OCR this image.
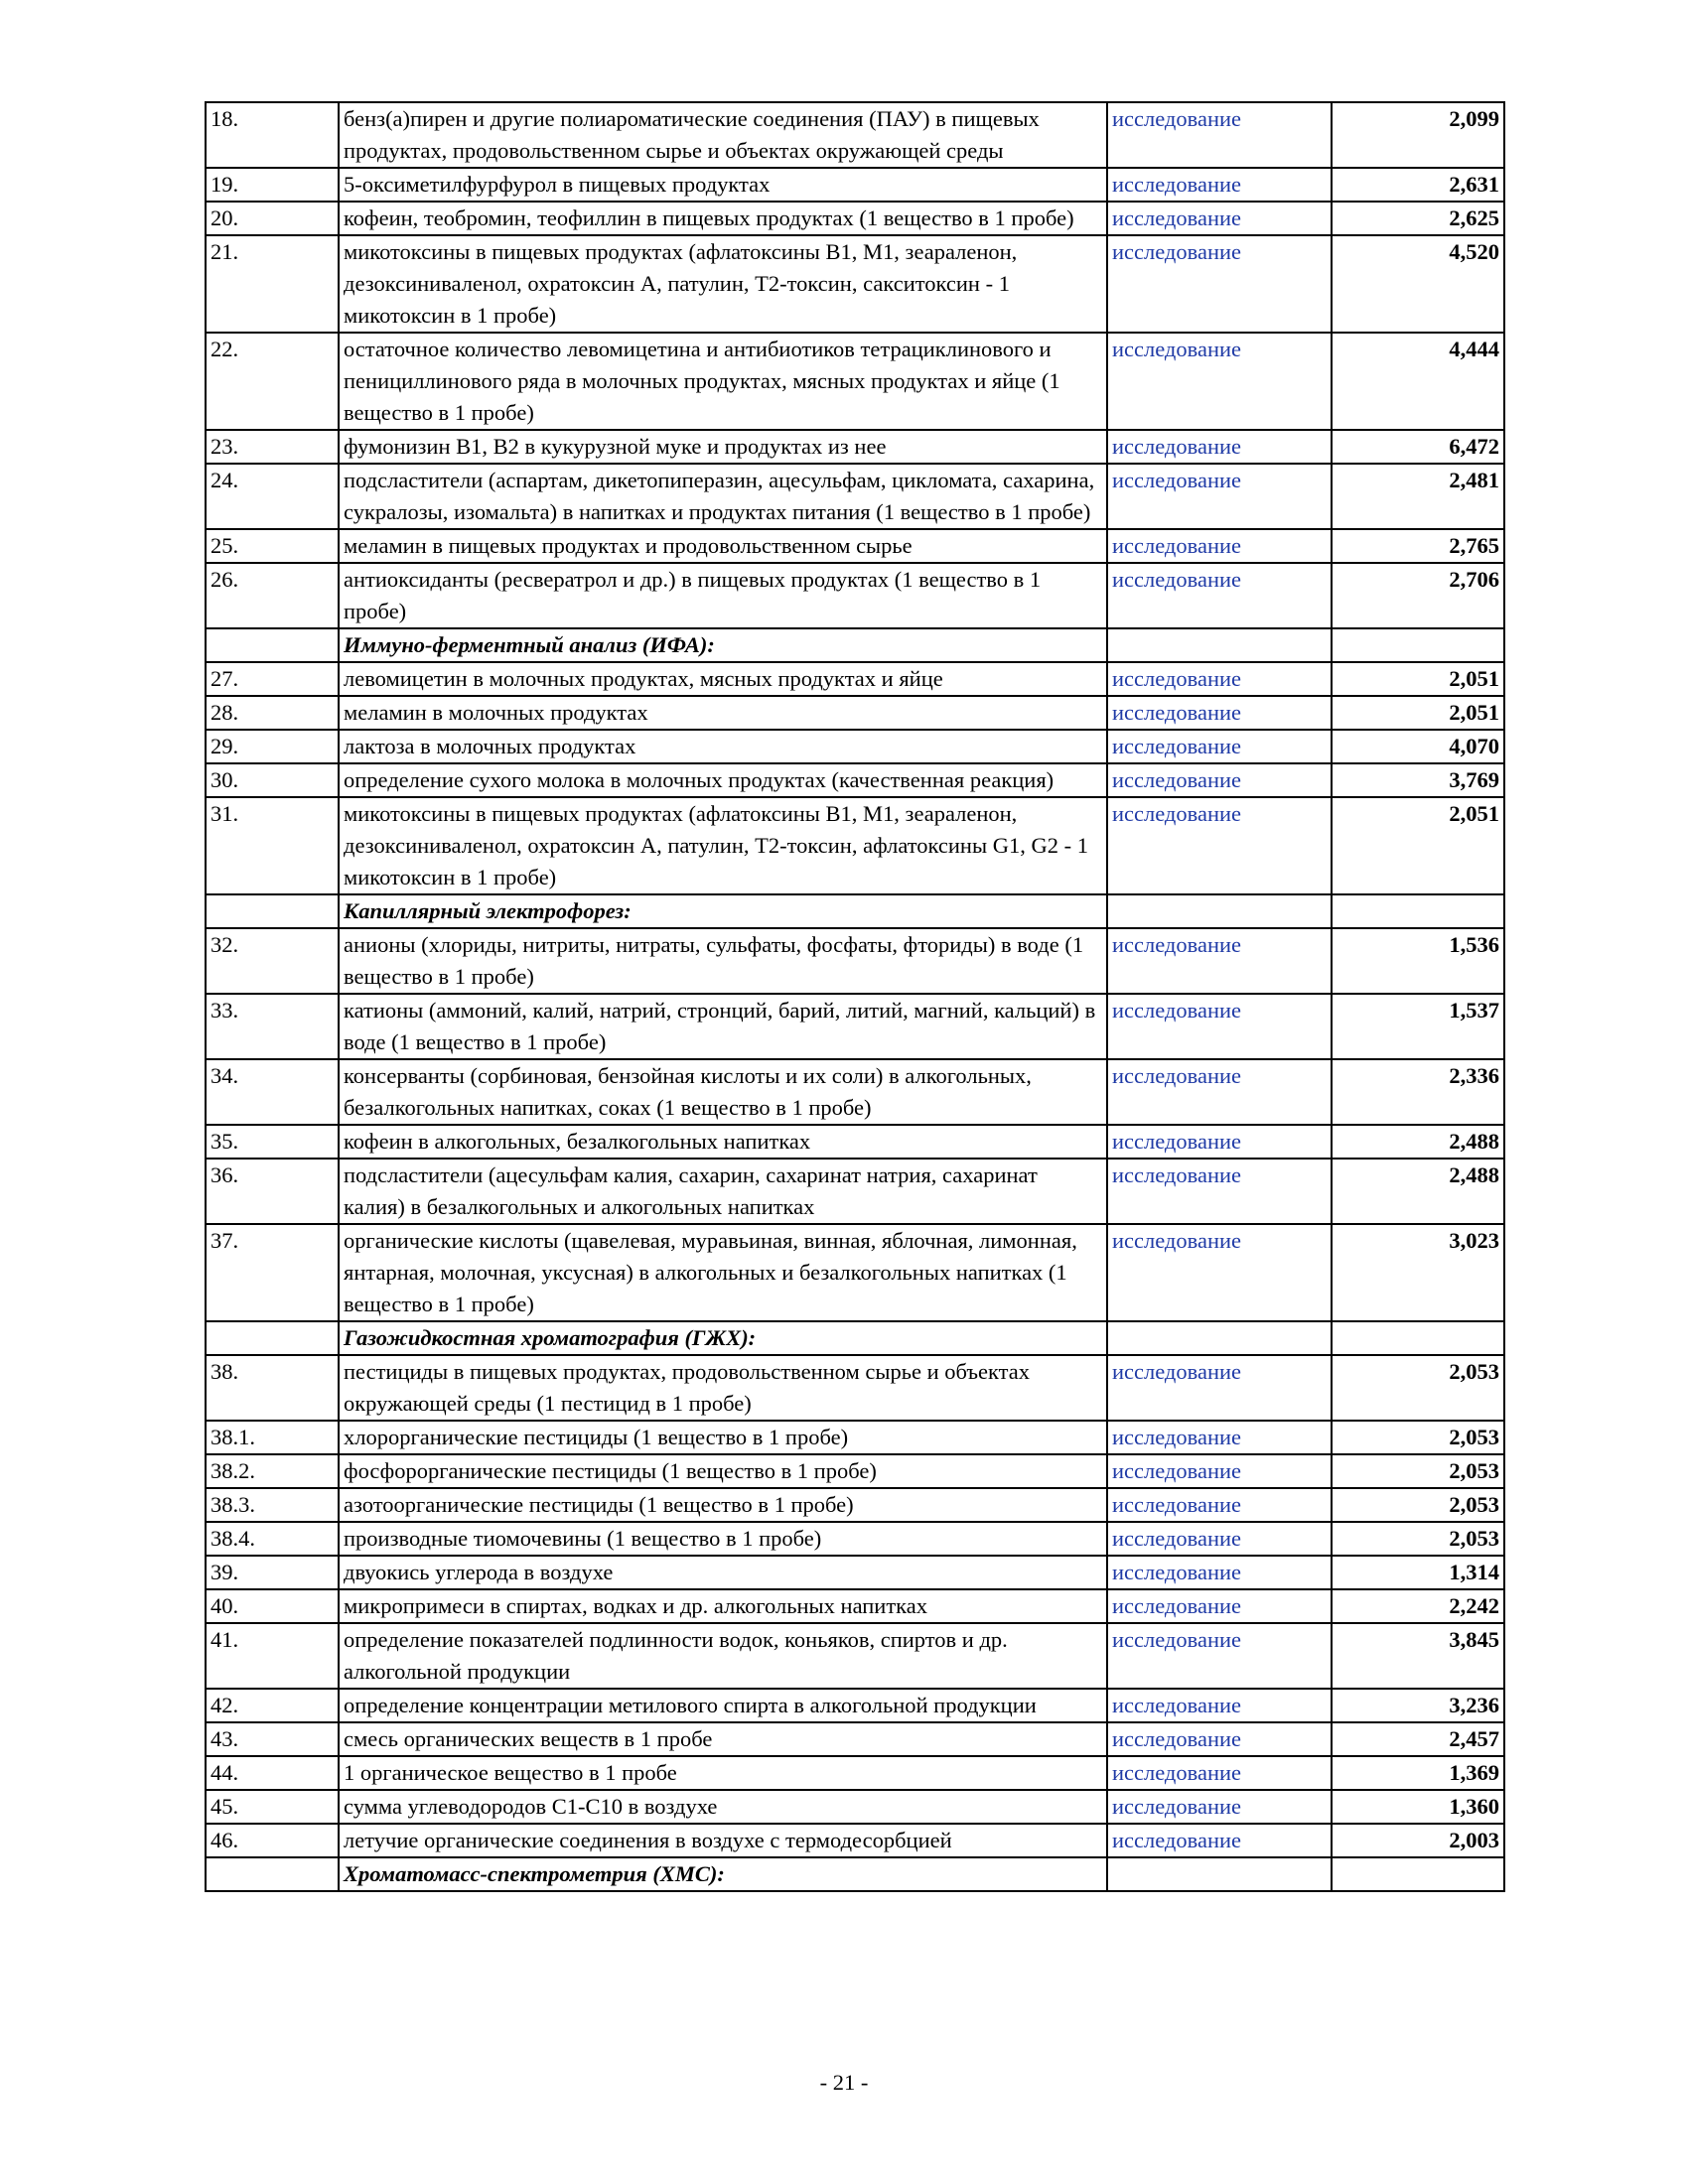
18.	бенз(а)пирен и другие полиароматические соединения (ПАУ) в пищевых продуктах, продовольственном сырье и объектах окружающей среды	исследование	2,099
19.	5-оксиметилфурфурол в пищевых продуктах	исследование	2,631
20.	кофеин, теобромин, теофиллин в пищевых продуктах (1 вещество в 1 пробе)	исследование	2,625
21.	микотоксины в пищевых продуктах (афлатоксины В1, М1, зеараленон, дезоксиниваленол, охратоксин А, патулин, Т2-токсин, сакситоксин - 1 микотоксин в 1 пробе)	исследование	4,520
22.	остаточное количество левомицетина и антибиотиков тетрациклинового и пенициллинового ряда в молочных продуктах, мясных продуктах и яйце (1 вещество в 1 пробе)	исследование	4,444
23.	фумонизин В1, В2 в кукурузной муке и продуктах из нее	исследование	6,472
24.	подсластители (аспартам, дикетопиперазин, ацесульфам, цикломата, сахарина, сукралозы, изомальта) в напитках и продуктах питания (1 вещество в 1 пробе)	исследование	2,481
25.	меламин в пищевых продуктах и продовольственном сырье	исследование	2,765
26.	антиоксиданты (ресвератрол и др.) в пищевых продуктах (1 вещество в 1 пробе)	исследование	2,706
	Иммуно-ферментный анализ (ИФА):		
27.	левомицетин в молочных продуктах, мясных продуктах и яйце	исследование	2,051
28.	меламин в молочных продуктах	исследование	2,051
29.	лактоза в молочных продуктах	исследование	4,070
30.	определение сухого молока в молочных продуктах (качественная реакция)	исследование	3,769
31.	микотоксины в пищевых продуктах (афлатоксины В1, М1, зеараленон, дезоксиниваленол, охратоксин А, патулин, Т2-токсин, афлатоксины G1, G2 - 1 микотоксин в 1 пробе)	исследование	2,051
	Капиллярный электрофорез:		
32.	анионы (хлориды, нитриты, нитраты, сульфаты, фосфаты, фториды) в воде (1 вещество в 1 пробе)	исследование	1,536
33.	катионы (аммоний, калий, натрий, стронций, барий, литий, магний, кальций) в воде (1 вещество в 1 пробе)	исследование	1,537
34.	консерванты (сорбиновая, бензойная кислоты и их соли) в алкогольных, безалкогольных напитках, соках (1 вещество в 1 пробе)	исследование	2,336
35.	кофеин в алкогольных, безалкогольных напитках	исследование	2,488
36.	подсластители (ацесульфам калия, сахарин, сахаринат натрия, сахаринат калия) в безалкогольных и алкогольных напитках	исследование	2,488
37.	органические кислоты (щавелевая, муравьиная, винная, яблочная, лимонная, янтарная, молочная, уксусная) в алкогольных и безалкогольных напитках (1 вещество в 1 пробе)	исследование	3,023
	Газожидкостная хроматография (ГЖХ):		
38.	пестициды в пищевых продуктах, продовольственном сырье и объектах окружающей среды (1 пестицид в 1 пробе)	исследование	2,053
38.1.	хлорорганические пестициды (1 вещество в 1 пробе)	исследование	2,053
38.2.	фосфорорганические пестициды (1 вещество в 1 пробе)	исследование	2,053
38.3.	азотоорганические пестициды (1 вещество в 1 пробе)	исследование	2,053
38.4.	производные тиомочевины (1 вещество в 1 пробе)	исследование	2,053
39.	двуокись углерода в воздухе	исследование	1,314
40.	микропримеси в спиртах, водках и др. алкогольных напитках	исследование	2,242
41.	определение показателей подлинности водок, коньяков, спиртов и др. алкогольной продукции	исследование	3,845
42.	определение концентрации метилового спирта в алкогольной продукции	исследование	3,236
43.	смесь органических веществ в 1 пробе	исследование	2,457
44.	1 органическое вещество в 1 пробе	исследование	1,369
45.	сумма углеводородов С1-С10 в воздухе	исследование	1,360
46.	летучие органические соединения в воздухе с термодесорбцией	исследование	2,003
	Хроматомасс-спектрометрия (ХМС):		
- 21 -
